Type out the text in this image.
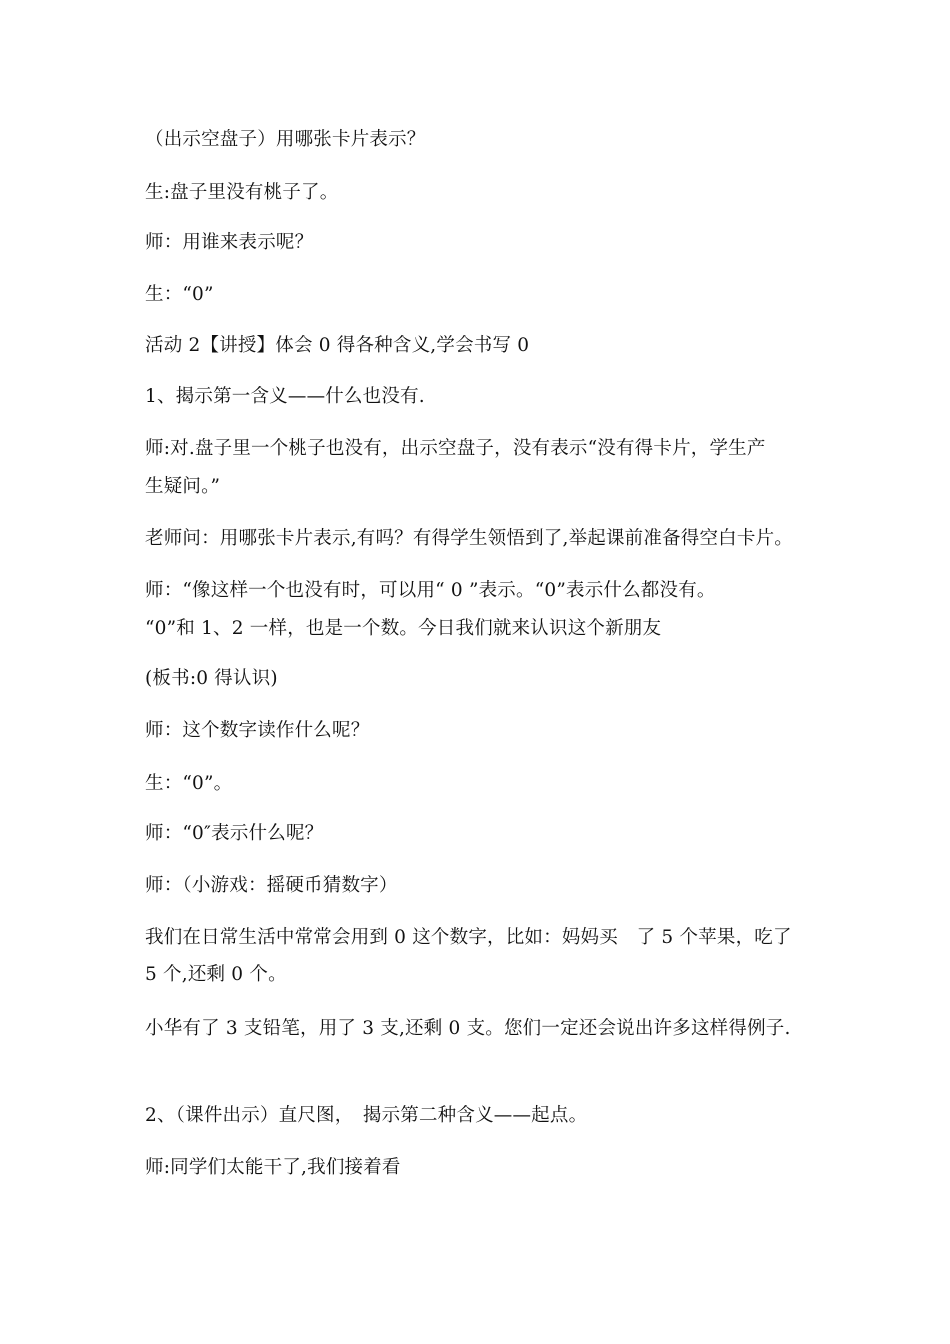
（出示空盘子）用哪张卡片表示？
生:盘子里没有桃子了。
师：用谁来表示呢？
生：“0”
活动 2【讲授】体会 0 得各种含义,学会书写 0
1、揭示第一含义——什么也没有.
师:对.盘子里一个桃子也没有，出示空盘子，没有表示“没有得卡片，学生产
生疑问。”
老师问：用哪张卡片表示,有吗？有得学生领悟到了,举起课前准备得空白卡片。
师：“像这样一个也没有时，可以用“ 0 ”表示。“0”表示什么都没有。
“0”和 1、2 一样，也是一个数。今日我们就来认识这个新朋友
(板书:0 得认识)
师：这个数字读作什么呢？
生：“0”。
师：“0″表示什么呢？
师：（小游戏：摇硬币猜数字）
我们在日常生活中常常会用到 0 这个数字，比如：妈妈买　了 5 个苹果，吃了
5 个,还剩 0 个。
小华有了 3 支铅笔，用了 3 支,还剩 0 支。您们一定还会说出许多这样得例子.
2、（课件出示）直尺图，　揭示第二种含义——起点。
师:同学们太能干了,我们接着看
